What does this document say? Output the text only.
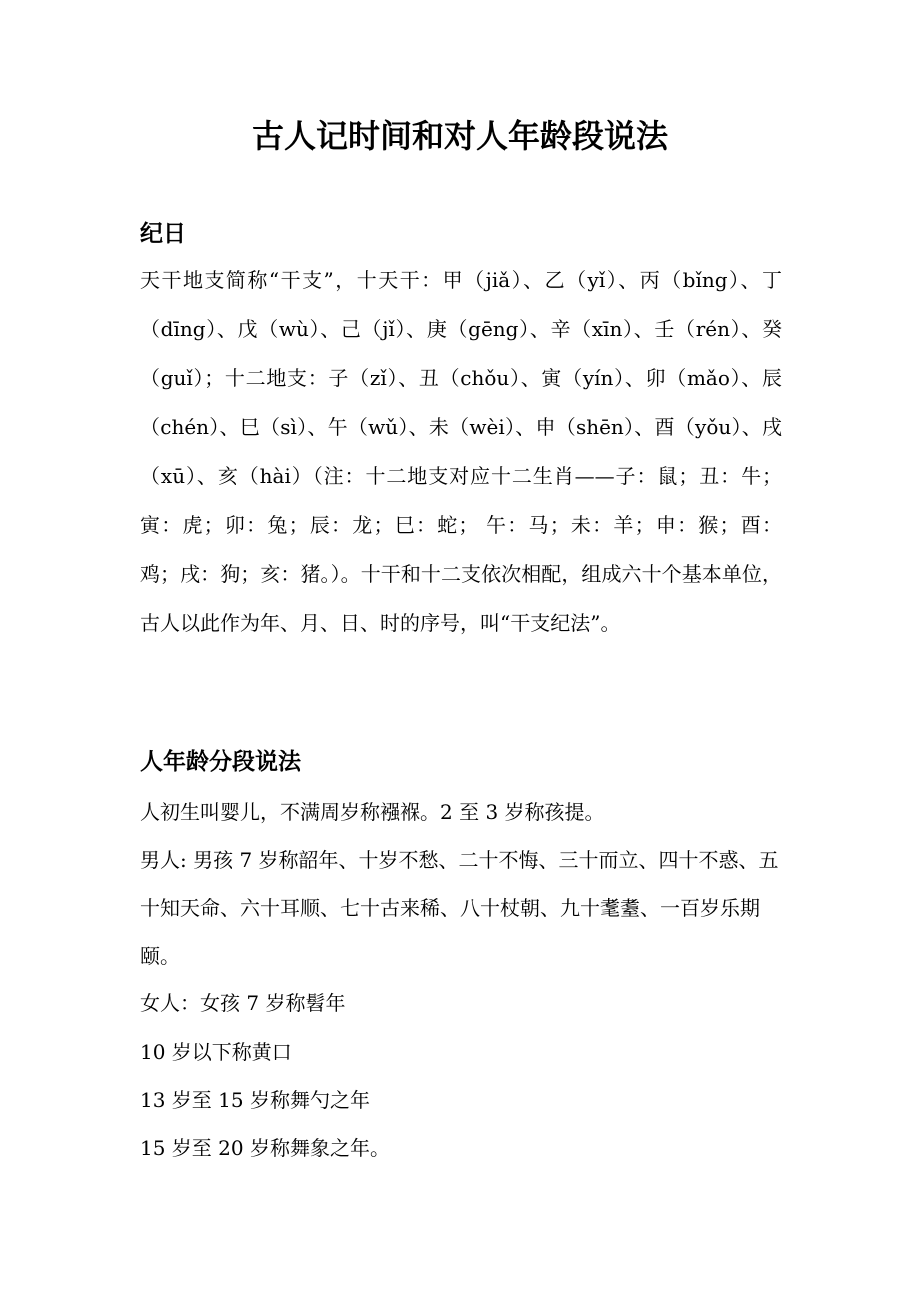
古人记时间和对人年龄段说法
纪日

天干地支简称“干支”，十天干：甲（jiǎ）、乙（yǐ）、丙（bǐng）、丁（dīng）、戊（wù）、己（jǐ）、庚（gēng）、辛（xīn）、壬（rén）、癸（guǐ）；十二地支：子（zǐ）、丑（chǒu）、寅（yín）、卯（mǎo）、辰（chén）、巳（sì）、午（wǔ）、未（wèi）、申（shēn）、酉（yǒu）、戌（xū）、亥（hài）（注：十二地支对应十二生肖——子：鼠；丑：牛；寅：虎；卯：兔；辰：龙；巳：蛇； 午：马；未：羊；申：猴；酉：鸡；戌：狗；亥：猪。）。十干和十二支依次相配，组成六十个基本单位，古人以此作为年、月、日、时的序号，叫“干支纪法”。

人年龄分段说法

人初生叫婴儿，不满周岁称襁褓。2 至 3 岁称孩提。

男人: 男孩 7 岁称韶年、十岁不愁、二十不悔、三十而立、四十不惑、五十知天命、六十耳顺、七十古来稀、八十杖朝、九十耄耋、一百岁乐期颐。

女人：女孩 7 岁称髫年

10 岁以下称黄口

13 岁至 15 岁称舞勺之年

15 岁至 20 岁称舞象之年。
